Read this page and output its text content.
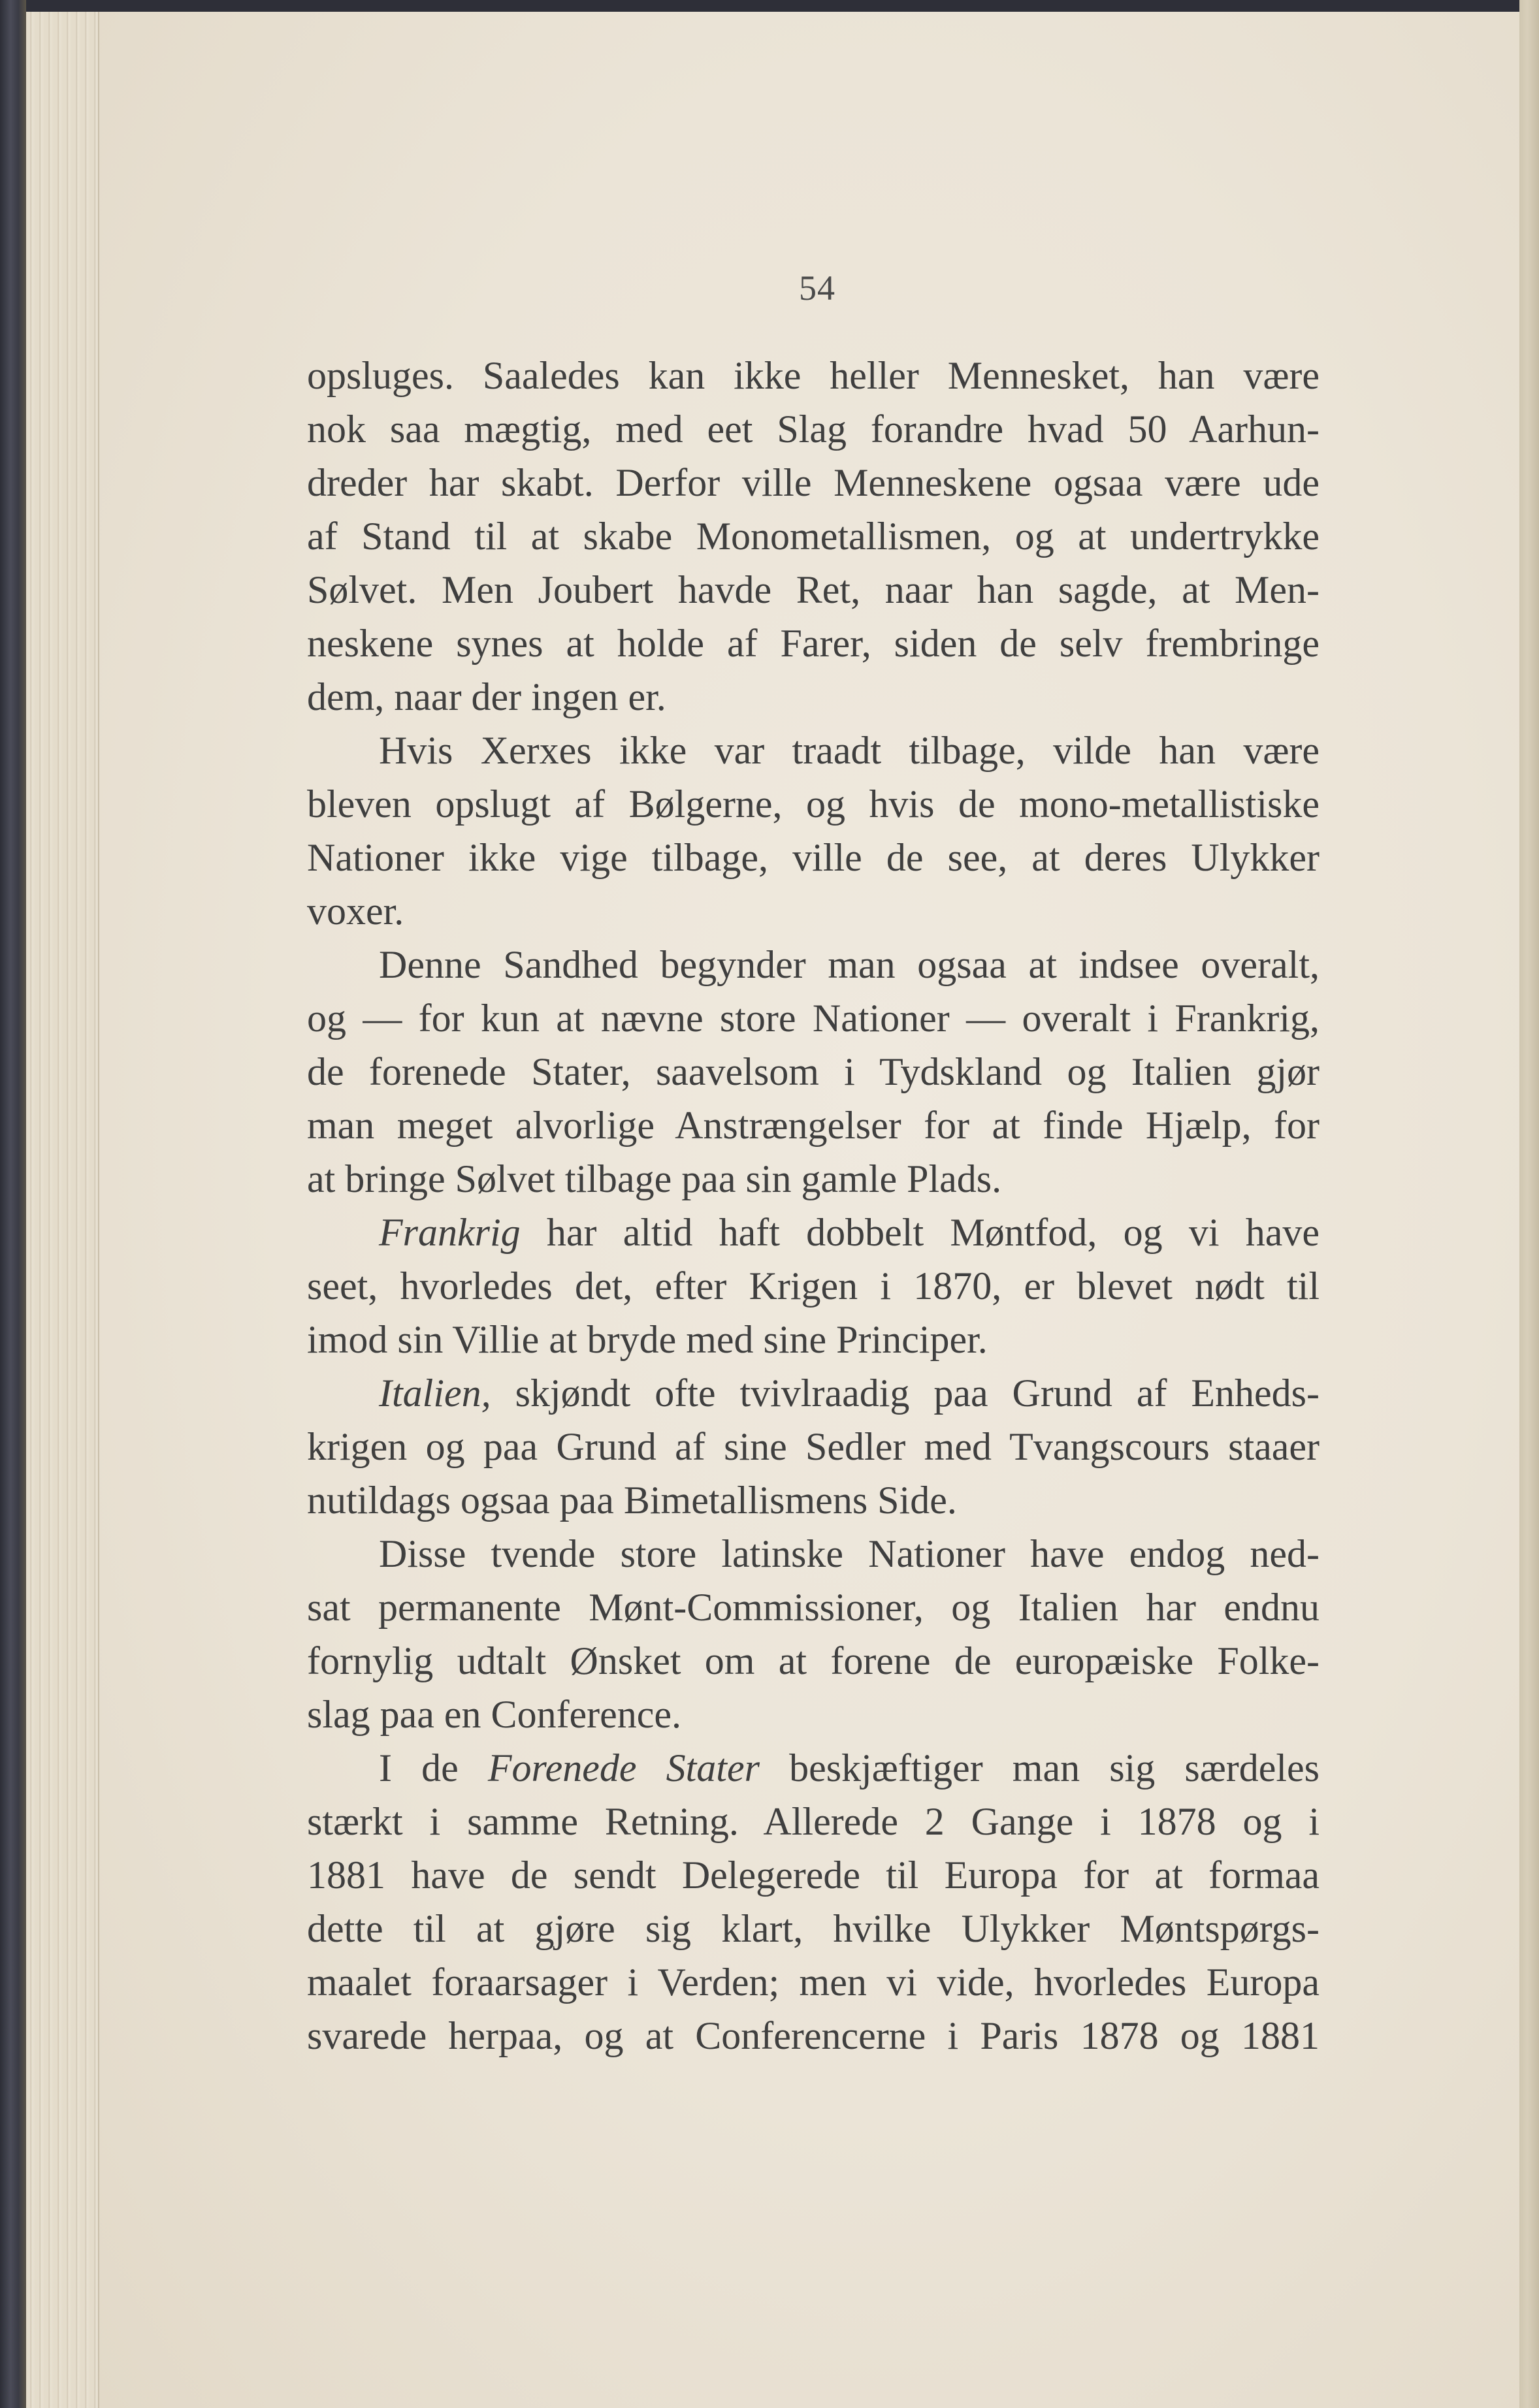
54
opsluges. Saaledes kan ikke heller Mennesket, han være
nok saa mægtig, med eet Slag forandre hvad 50 Aarhun-
dreder har skabt. Derfor ville Menneskene ogsaa være ude
af Stand til at skabe Monometallismen, og at undertrykke
Sølvet. Men Joubert havde Ret, naar han sagde, at Men-
neskene synes at holde af Farer, siden de selv frembringe
dem, naar der ingen er.
Hvis Xerxes ikke var traadt tilbage, vilde han være
bleven opslugt af Bølgerne, og hvis de mono-metallistiske
Nationer ikke vige tilbage, ville de see, at deres Ulykker
voxer.
Denne Sandhed begynder man ogsaa at indsee overalt,
og — for kun at nævne store Nationer — overalt i Frankrig,
de forenede Stater, saavelsom i Tydskland og Italien gjør
man meget alvorlige Anstrængelser for at finde Hjælp, for
at bringe Sølvet tilbage paa sin gamle Plads.
Frankrig har altid haft dobbelt Møntfod, og vi have
seet, hvorledes det, efter Krigen i 1870, er blevet nødt til
imod sin Villie at bryde med sine Principer.
Italien, skjøndt ofte tvivlraadig paa Grund af Enheds-
krigen og paa Grund af sine Sedler med Tvangscours staaer
nutildags ogsaa paa Bimetallismens Side.
Disse tvende store latinske Nationer have endog ned-
sat permanente Mønt-Commissioner, og Italien har endnu
fornylig udtalt Ønsket om at forene de europæiske Folke-
slag paa en Conference.
I de Forenede Stater beskjæftiger man sig særdeles
stærkt i samme Retning. Allerede 2 Gange i 1878 og i
1881 have de sendt Delegerede til Europa for at formaa
dette til at gjøre sig klart, hvilke Ulykker Møntspørgs-
maalet foraarsager i Verden; men vi vide, hvorledes Europa
svarede herpaa, og at Conferencerne i Paris 1878 og 1881
